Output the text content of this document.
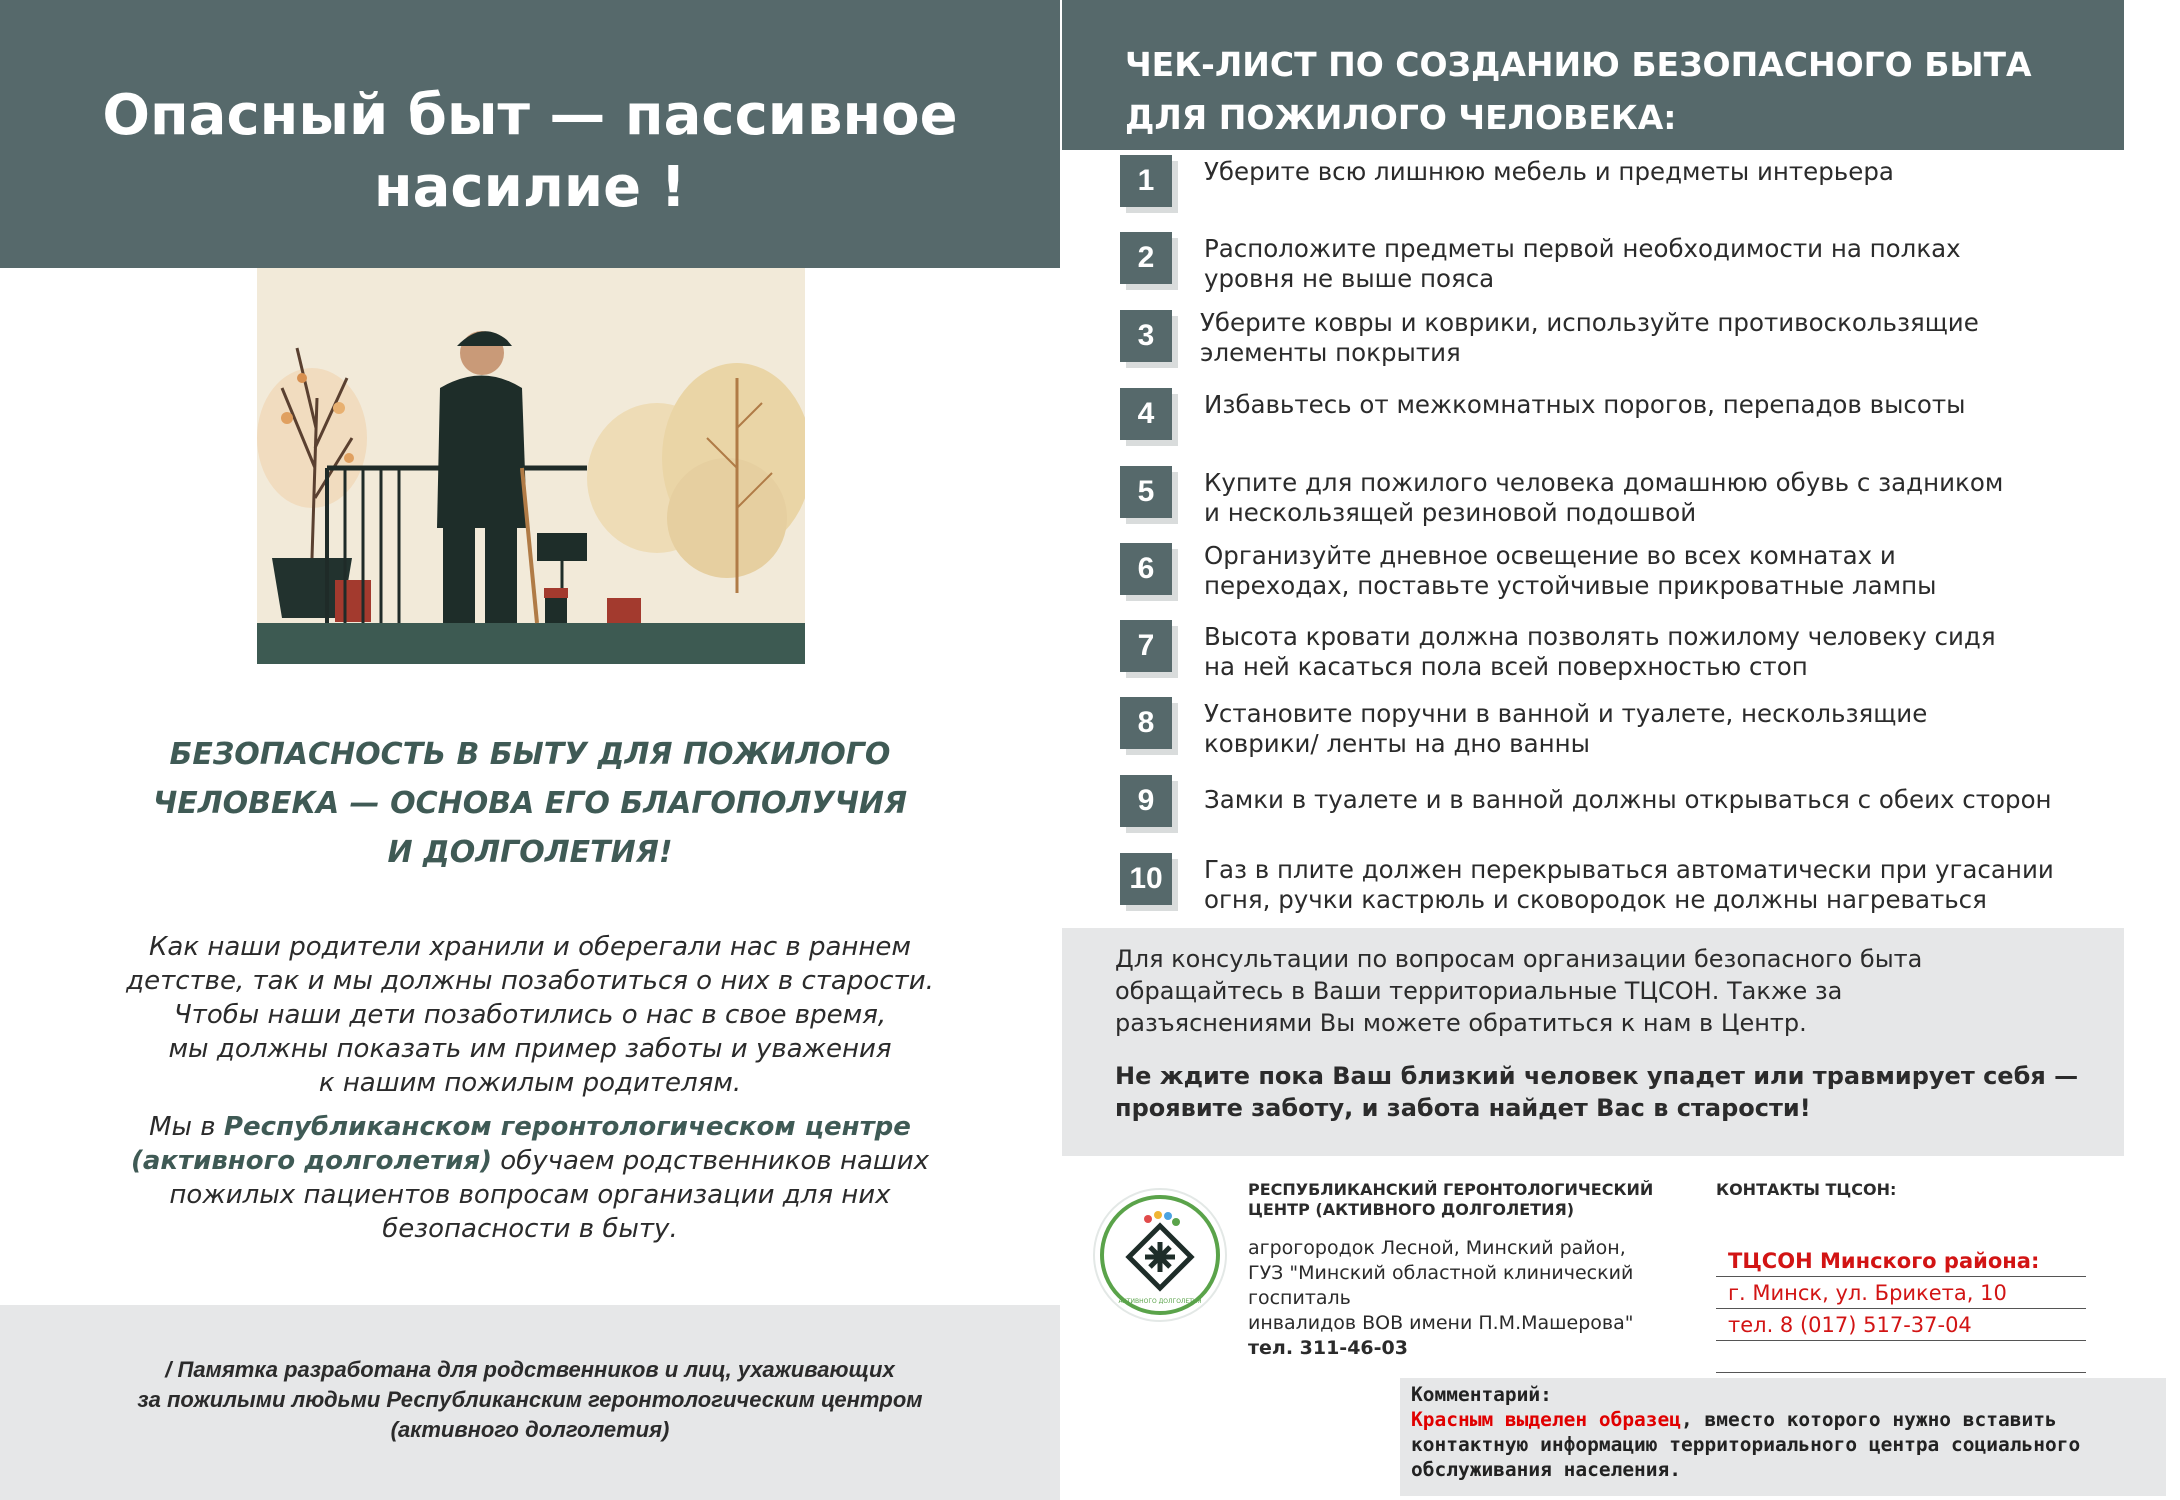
Опасный быт — пассивное
насилие !
БЕЗОПАСНОСТЬ В БЫТУ ДЛЯ ПОЖИЛОГО
ЧЕЛОВЕКА — ОСНОВА ЕГО БЛАГОПОЛУЧИЯ
И ДОЛГОЛЕТИЯ!
Как наши родители хранили и оберегали нас в раннем
детстве, так и мы должны позаботиться о них в старости.
Чтобы наши дети позаботились о нас в свое время,
мы должны показать им пример заботы и уважения
к нашим пожилым родителям.
Мы в Республиканском геронтологическом центре (активного долголетия) обучаем родственников наших пожилых пациентов вопросам организации для них безопасности в быту.
/ Памятка разработана для родственников и лиц, ухаживающих
за пожилыми людьми Республиканским геронтологическим центром
(активного долголетия)
ЧЕК-ЛИСТ ПО СОЗДАНИЮ БЕЗОПАСНОГО БЫТА
ДЛЯ ПОЖИЛОГО ЧЕЛОВЕКА:
1	Уберите всю лишнюю мебель и предметы интерьера
2	Расположите предметы первой необходимости на полках
уровня не выше пояса
3	Уберите ковры и коврики, используйте противоскользящие
элементы покрытия
4	Избавьтесь от межкомнатных порогов, перепадов высоты
5	Купите для пожилого человека домашнюю обувь с задником
и нескользящей резиновой подошвой
6	Организуйте дневное освещение во всех комнатах и
переходах, поставьте устойчивые прикроватные лампы
7	Высота кровати должна позволять пожилому человеку сидя
на ней касаться пола всей поверхностью стоп
8	Установите поручни в ванной и туалете, нескользящие
коврики/ ленты на дно ванны
9	Замки в туалете и в ванной должны открываться с обеих сторон
10	Газ в плите должен перекрываться автоматически при угасании
огня, ручки кастрюль и сковородок не должны нагреваться
Для консультации по вопросам организации безопасного быта
обращайтесь в Ваши территориальные ТЦСОН. Также за
разъяснениями Вы можете обратиться к нам в Центр.
Не ждите пока Ваш близкий человек упадет или травмирует себя —
проявите заботу, и забота найдет Вас в старости!
АКТИВНОГО ДОЛГОЛЕТИЯ
РЕСПУБЛИКАНСКИЙ ГЕРОНТОЛОГИЧЕСКИЙ
ЦЕНТР (АКТИВНОГО ДОЛГОЛЕТИЯ)
агрогородок Лесной, Минский район,
ГУЗ "Минский областной клинический
госпиталь
инвалидов ВОВ имени П.М.Машерова"
тел. 311-46-03
КОНТАКТЫ ТЦСОН:
ТЦСОН Минского района:
г. Минск, ул. Брикета, 10
тел. 8 (017) 517-37-04
Комментарий:
Красным выделен образец, вместо которого нужно вставить
контактную информацию территориального центра социального
обслуживания населения.
